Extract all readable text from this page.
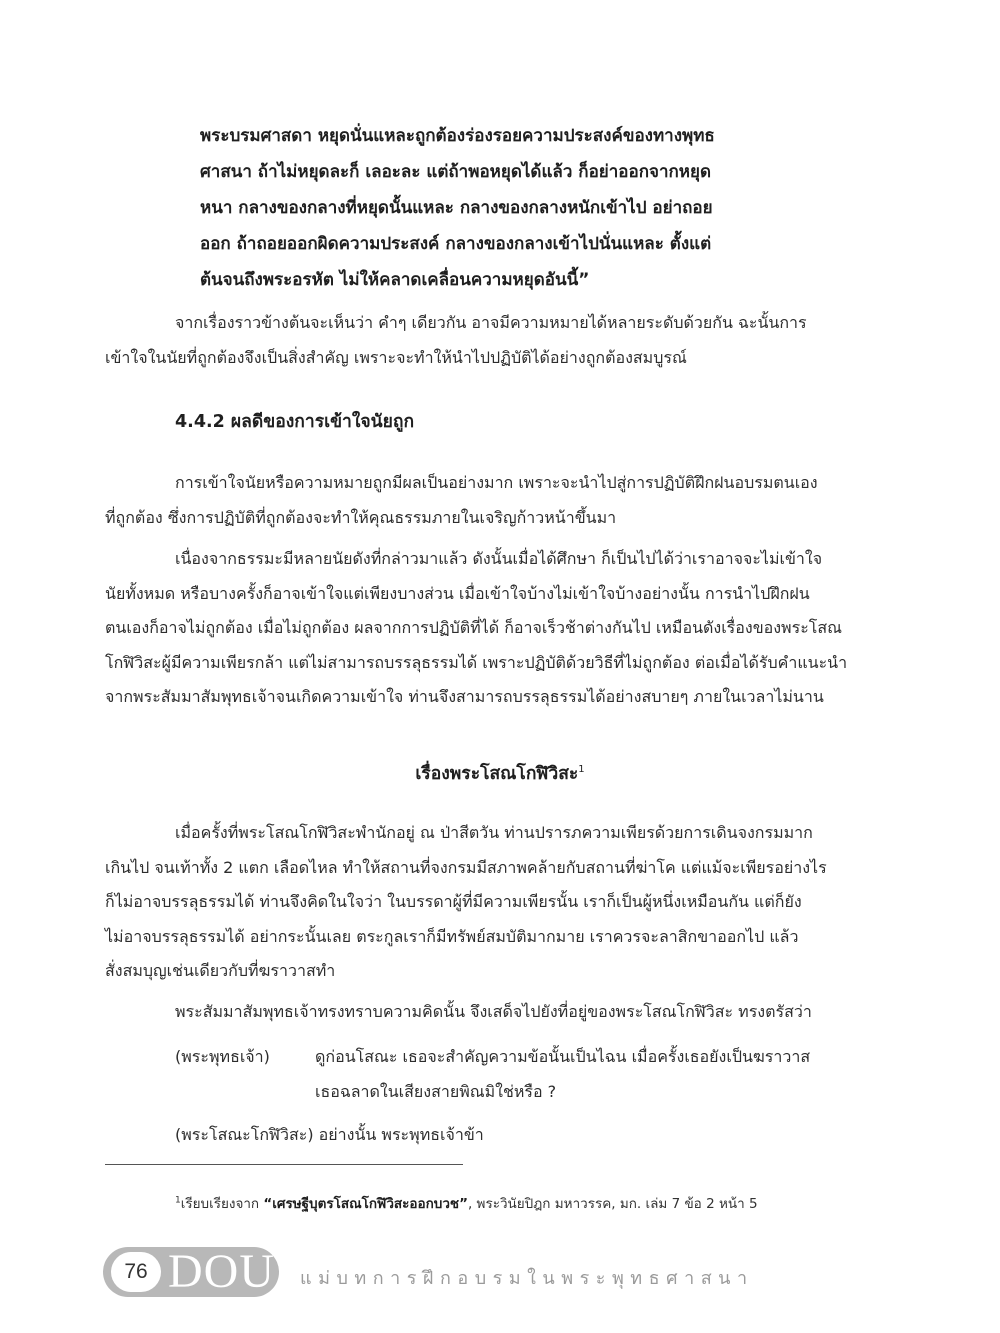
พระบรมศาสดา หยุดนั่นแหละถูกต้องร่องรอยความประสงค์ของทางพุทธ
ศาสนา ถ้าไม่หยุดละก็ เลอะละ แต่ถ้าพอหยุดได้แล้ว ก็อย่าออกจากหยุด
หนา กลางของกลางที่หยุดนั้นแหละ กลางของกลางหนักเข้าไป อย่าถอย
ออก ถ้าถอยออกผิดความประสงค์ กลางของกลางเข้าไปนั่นแหละ ตั้งแต่
ต้นจนถึงพระอรหัต ไม่ให้คลาดเคลื่อนความหยุดอันนี้”
จากเรื่องราวข้างต้นจะเห็นว่า คำๆ เดียวกัน อาจมีความหมายได้หลายระดับด้วยกัน ฉะนั้นการ
เข้าใจในนัยที่ถูกต้องจึงเป็นสิ่งสำคัญ เพราะจะทำให้นำไปปฏิบัติได้อย่างถูกต้องสมบูรณ์
4.4.2 ผลดีของการเข้าใจนัยถูก
การเข้าใจนัยหรือความหมายถูกมีผลเป็นอย่างมาก เพราะจะนำไปสู่การปฏิบัติฝึกฝนอบรมตนเอง
ที่ถูกต้อง ซึ่งการปฏิบัติที่ถูกต้องจะทำให้คุณธรรมภายในเจริญก้าวหน้าขึ้นมา
เนื่องจากธรรมะมีหลายนัยดังที่กล่าวมาแล้ว ดังนั้นเมื่อได้ศึกษา ก็เป็นไปได้ว่าเราอาจจะไม่เข้าใจ
นัยทั้งหมด หรือบางครั้งก็อาจเข้าใจแต่เพียงบางส่วน เมื่อเข้าใจบ้างไม่เข้าใจบ้างอย่างนั้น การนำไปฝึกฝน
ตนเองก็อาจไม่ถูกต้อง เมื่อไม่ถูกต้อง ผลจากการปฏิบัติที่ได้ ก็อาจเร็วช้าต่างกันไป เหมือนดังเรื่องของพระโสณ
โกฬิวิสะผู้มีความเพียรกล้า แต่ไม่สามารถบรรลุธรรมได้ เพราะปฏิบัติด้วยวิธีที่ไม่ถูกต้อง ต่อเมื่อได้รับคำแนะนำ
จากพระสัมมาสัมพุทธเจ้าจนเกิดความเข้าใจ ท่านจึงสามารถบรรลุธรรมได้อย่างสบายๆ ภายในเวลาไม่นาน
เรื่องพระโสณโกฬิวิสะ$^1$
เมื่อครั้งที่พระโสณโกฬิวิสะพำนักอยู่ ณ ป่าสีตวัน ท่านปรารภความเพียรด้วยการเดินจงกรมมาก
เกินไป จนเท้าทั้ง 2 แตก เลือดไหล ทำให้สถานที่จงกรมมีสภาพคล้ายกับสถานที่ฆ่าโค แต่แม้จะเพียรอย่างไร
ก็ไม่อาจบรรลุธรรมได้ ท่านจึงคิดในใจว่า ในบรรดาผู้ที่มีความเพียรนั้น เราก็เป็นผู้หนึ่งเหมือนกัน แต่ก็ยัง
ไม่อาจบรรลุธรรมได้ อย่ากระนั้นเลย ตระกูลเราก็มีทรัพย์สมบัติมากมาย เราควรจะลาสิกขาออกไป แล้ว
สั่งสมบุญเช่นเดียวกับที่ฆราวาสทำ
พระสัมมาสัมพุทธเจ้าทรงทราบความคิดนั้น จึงเสด็จไปยังที่อยู่ของพระโสณโกฬิวิสะ ทรงตรัสว่า
(พระพุทธเจ้า)	ดูก่อนโสณะ เธอจะสำคัญความข้อนั้นเป็นไฉน เมื่อครั้งเธอยังเป็นฆราวาส
เธอฉลาดในเสียงสายพิณมิใช่หรือ ?
(พระโสณะโกฬิวิสะ) อย่างนั้น พระพุทธเจ้าข้า
$^1$เรียบเรียงจาก “เศรษฐีบุตรโสณโกฬิวิสะออกบวช”, พระวินัยปิฎก มหาวรรค, มก. เล่ม 7 ข้อ 2 หน้า 5
76 DOU แม่บทการฝึกอบรมในพระพุทธศาสนา
